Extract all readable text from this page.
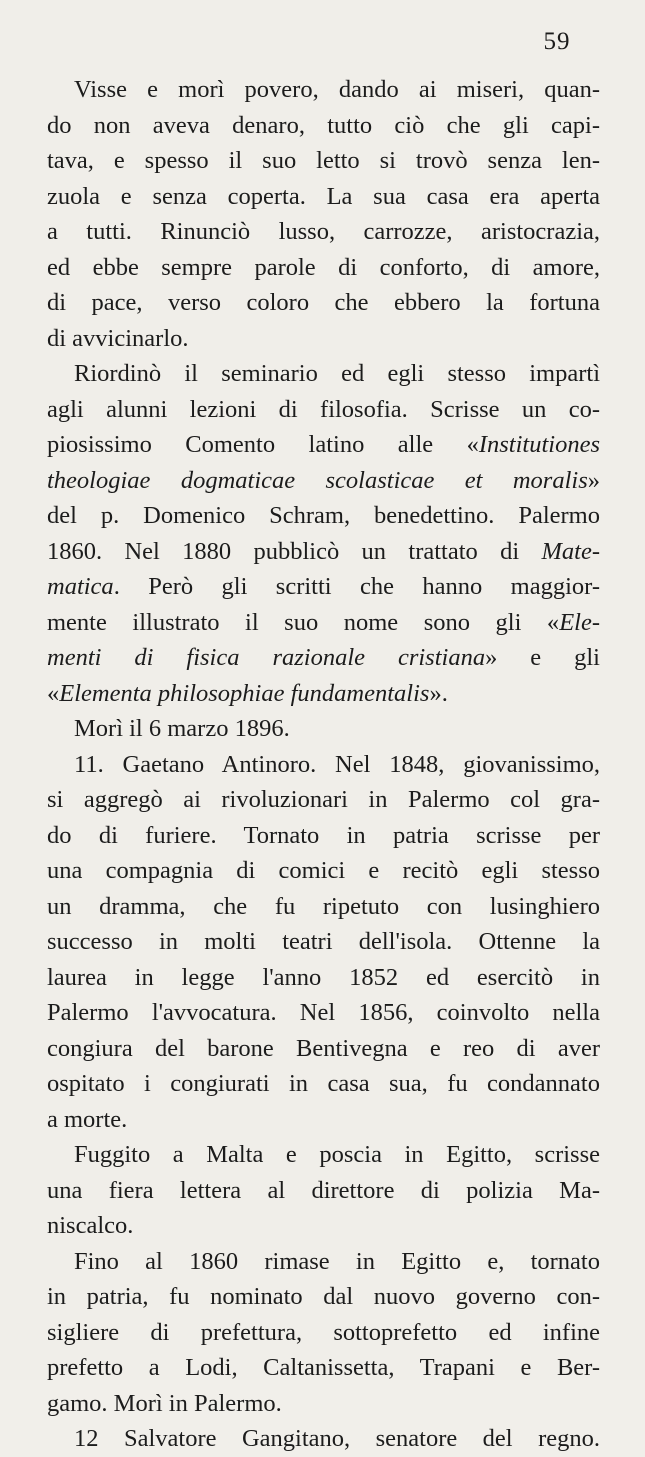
59
Visse e morì povero, dando ai miseri, quan-
do non aveva denaro, tutto ciò che gli capi-
tava, e spesso il suo letto si trovò senza len-
zuola e senza coperta. La sua casa era aperta
a tutti. Rinunciò lusso, carrozze, aristocrazia,
ed ebbe sempre parole di conforto, di amore,
di pace, verso coloro che ebbero la fortuna
di avvicinarlo.
Riordinò il seminario ed egli stesso impartì
agli alunni lezioni di filosofia. Scrisse un co-
piosissimo Comento latino alle «Institutiones
theologiae dogmaticae scolasticae et moralis»
del p. Domenico Schram, benedettino. Palermo
1860. Nel 1880 pubblicò un trattato di Mate-
matica. Però gli scritti che hanno maggior-
mente illustrato il suo nome sono gli «Ele-
menti di fisica razionale cristiana» e gli
«Elementa philosophiae fundamentalis».
Morì il 6 marzo 1896.
11. Gaetano Antinoro. Nel 1848, giovanissimo,
si aggregò ai rivoluzionari in Palermo col gra-
do di furiere. Tornato in patria scrisse per
una compagnia di comici e recitò egli stesso
un dramma, che fu ripetuto con lusinghiero
successo in molti teatri dell'isola. Ottenne la
laurea in legge l'anno 1852 ed esercitò in
Palermo l'avvocatura. Nel 1856, coinvolto nella
congiura del barone Bentivegna e reo di aver
ospitato i congiurati in casa sua, fu condannato
a morte.
Fuggito a Malta e poscia in Egitto, scrisse
una fiera lettera al direttore di polizia Ma-
niscalco.
Fino al 1860 rimase in Egitto e, tornato
in patria, fu nominato dal nuovo governo con-
sigliere di prefettura, sottoprefetto ed infine
prefetto a Lodi, Caltanissetta, Trapani e Ber-
gamo. Morì in Palermo.
12 Salvatore Gangitano, senatore del regno.
